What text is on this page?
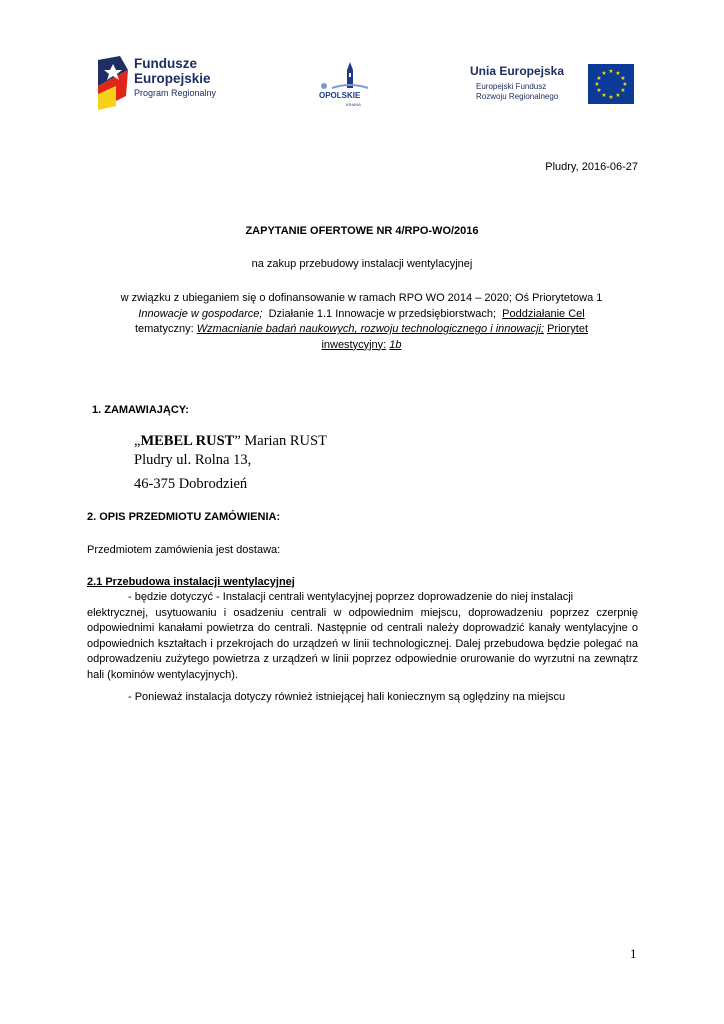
Fundusze
Europejskie
Program Regionalny	OPOLSKIE
KRAINA
Unia Europejska
Europejski Fundusz
Rozwoju Regionalnego
★ ★
★
★
★
★
★
★
★
★
★
★
Pludry, 2016-06-27
ZAPYTANIE OFERTOWE NR 4/RPO-WO/2016
na zakup przebudowy instalacji wentylacyjnej
w związku z ubieganiem się o dofinansowanie w ramach RPO WO 2014 – 2020; Oś Priorytetowa 1
Innowacje w gospodarce; Działanie 1.1 Innowacje w przedsiębiorstwach; Poddziałanie Cel
tematyczny: Wzmacnianie badań naukowych, rozwoju technologicznego i innowacji; Priorytet
inwestycyjny: 1b
1. ZAMAWIAJĄCY:
„MEBEL RUST” Marian RUST
Pludry ul. Rolna 13,
46-375 Dobrodzień
2. OPIS PRZEDMIOTU ZAMÓWIENIA:
Przedmiotem zamówienia jest dostawa:
2.1 Przebudowa instalacji wentylacyjnej
- będzie dotyczyć - Instalacji centrali wentylacyjnej poprzez doprowadzenie do niej instalacji
elektrycznej, usytuowaniu i osadzeniu centrali w odpowiednim miejscu, doprowadzeniu poprzez czerpnię odpowiednimi kanałami powietrza do centrali. Następnie od centrali należy doprowadzić kanały wentylacyjne o odpowiednich kształtach i przekrojach do urządzeń w linii technologicznej. Dalej przebudowa będzie polegać na odprowadzeniu zużytego powietrza z urządzeń w linii poprzez odpowiednie orurowanie do wyrzutni na zewnątrz hali (kominów wentylacyjnych).
- Ponieważ instalacja dotyczy również istniejącej hali koniecznym są oględziny na miejscu
1
